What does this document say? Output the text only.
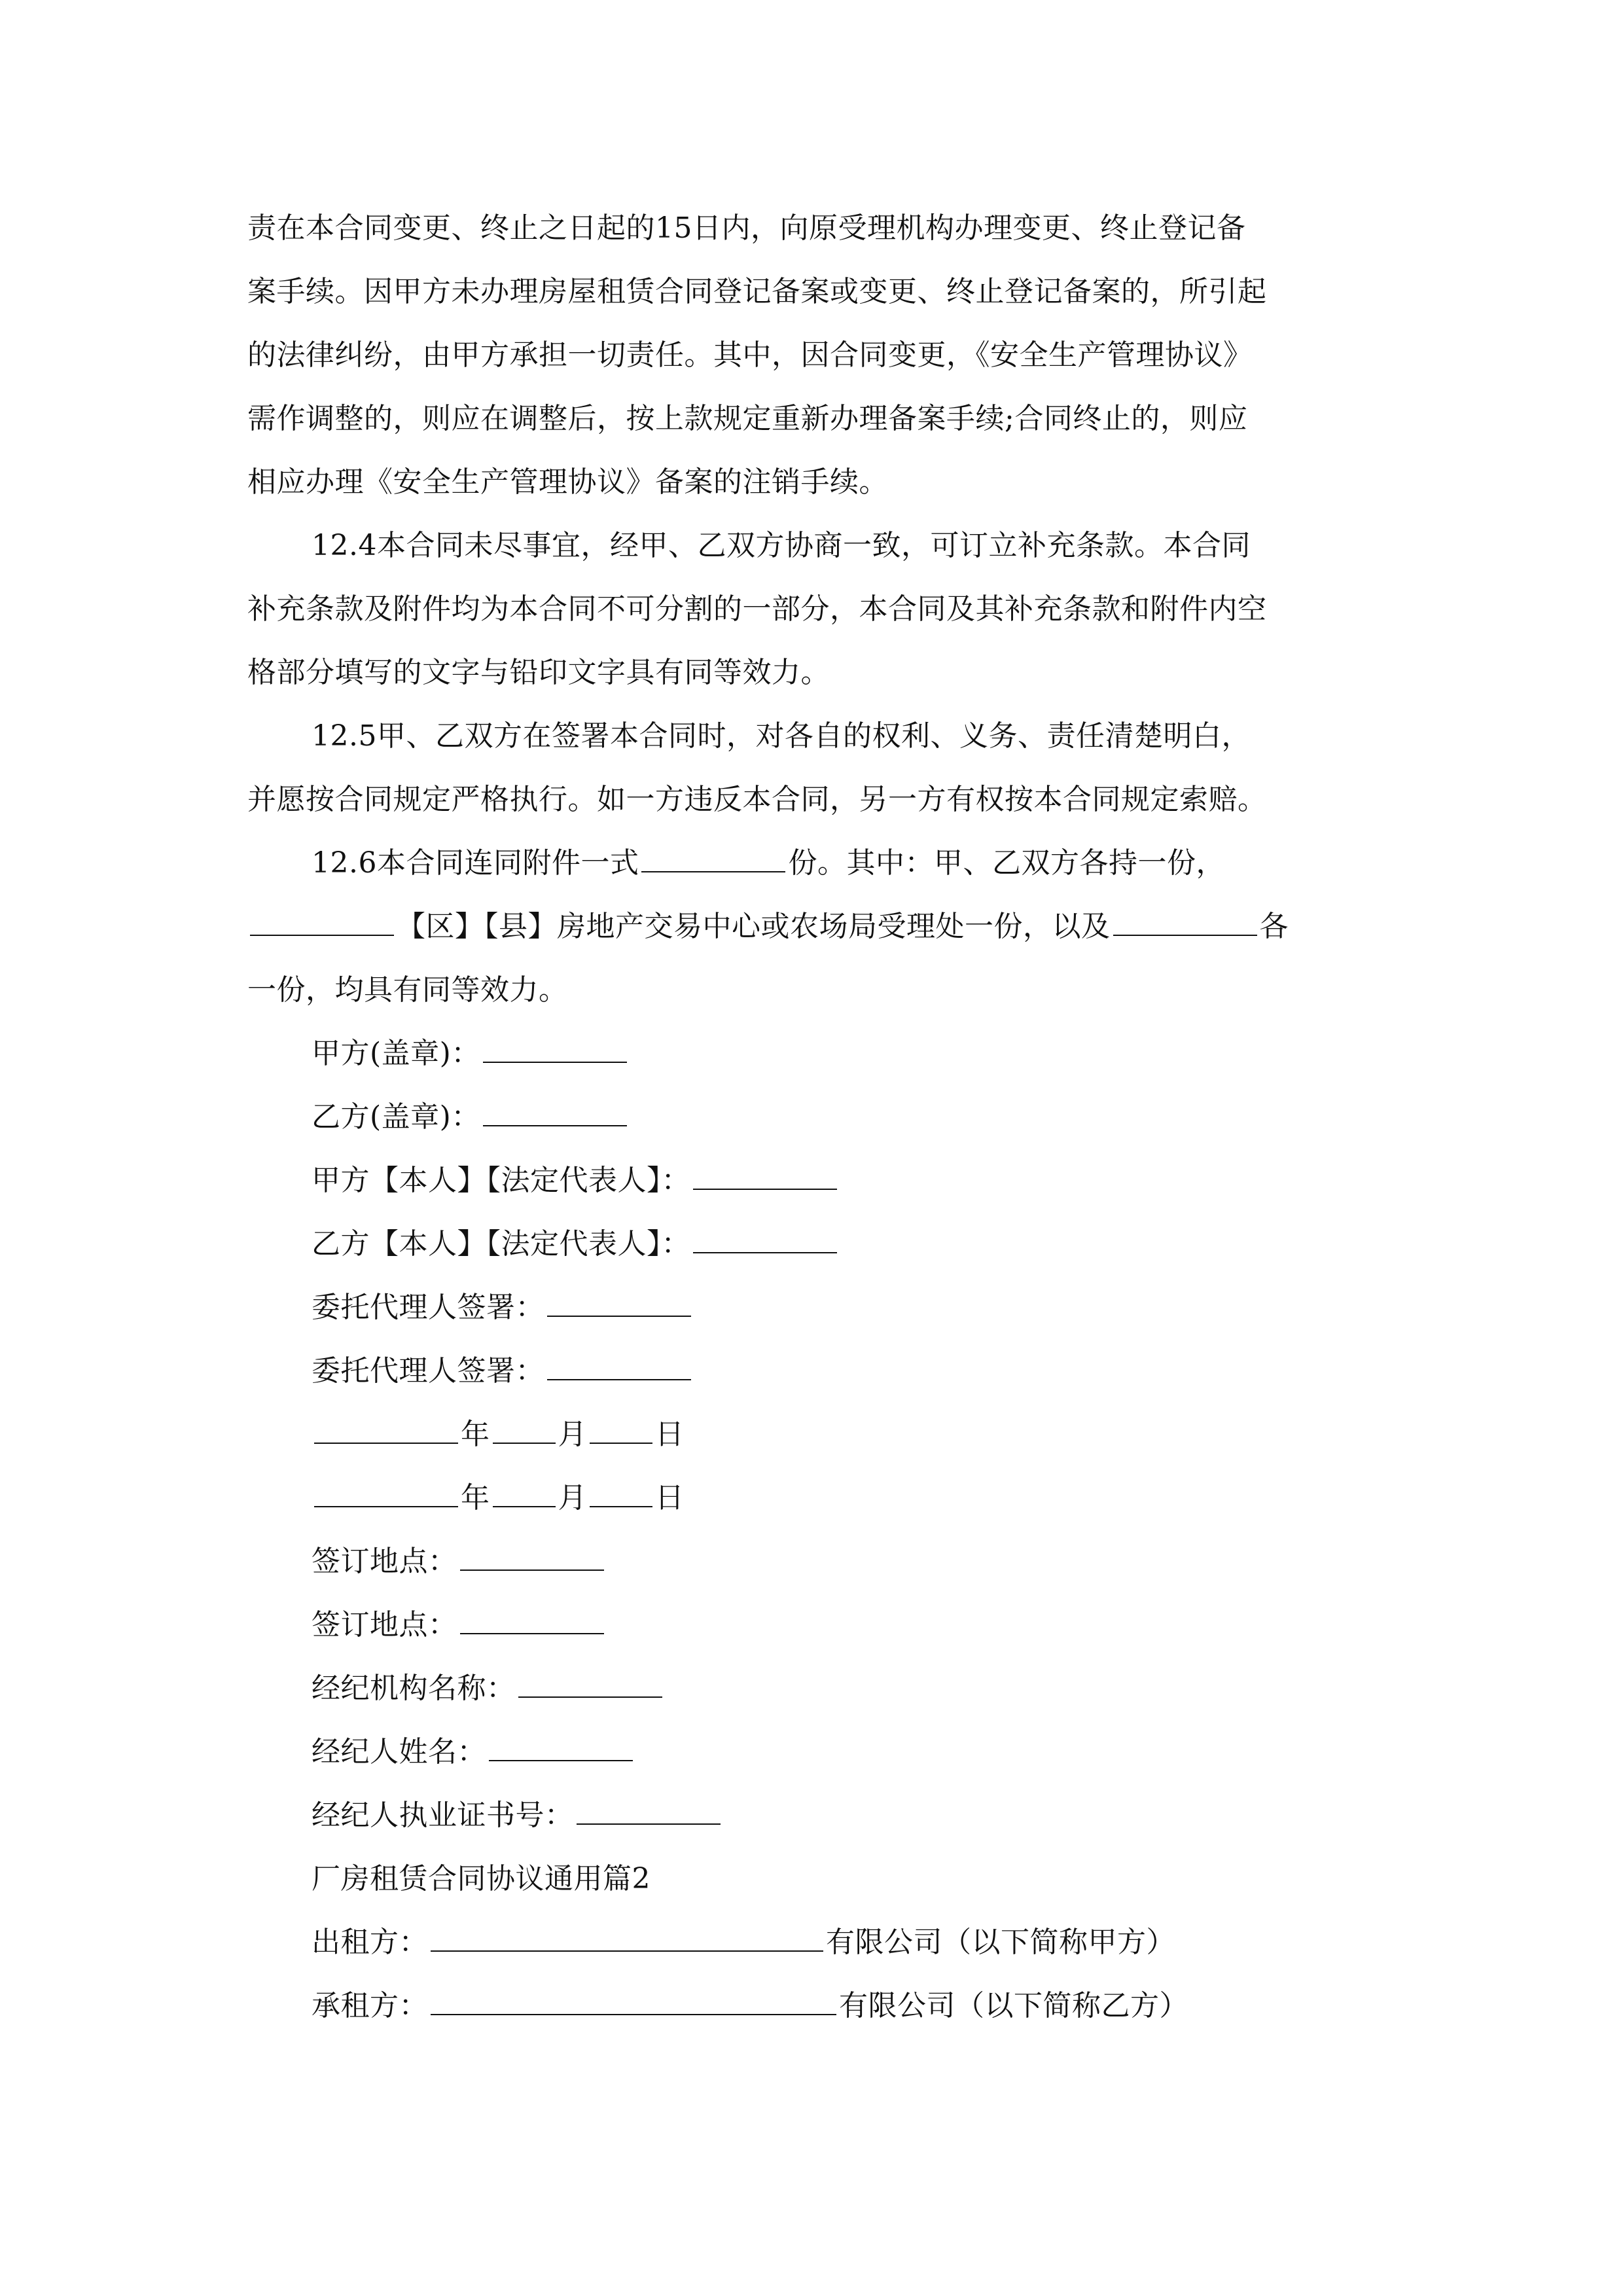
责在本合同变更、终止之日起的15日内，向原受理机构办理变更、终止登记备
案手续。因甲方未办理房屋租赁合同登记备案或变更、终止登记备案的，所引起
的法律纠纷，由甲方承担一切责任。其中，因合同变更，《安全生产管理协议》
需作调整的，则应在调整后，按上款规定重新办理备案手续;合同终止的，则应
相应办理《安全生产管理协议》备案的注销手续。
12.4本合同未尽事宜，经甲、乙双方协商一致，可订立补充条款。本合同
补充条款及附件均为本合同不可分割的一部分，本合同及其补充条款和附件内空
格部分填写的文字与铅印文字具有同等效力。
12.5甲、乙双方在签署本合同时，对各自的权利、义务、责任清楚明白，
并愿按合同规定严格执行。如一方违反本合同，另一方有权按本合同规定索赔。
12.6本合同连同附件一式	份。其中：甲、乙双方各持一份，
【区】【县】房地产交易中心或农场局受理处一份，以及	各
一份，均具有同等效力。
甲方(盖章)：
乙方(盖章)：
甲方【本人】【法定代表人】：
乙方【本人】【法定代表人】：
委托代理人签署：
委托代理人签署：
年 月 日
年 月 日
签订地点：
签订地点：
经纪机构名称：
经纪人姓名：
经纪人执业证书号：
厂房租赁合同协议通用篇2
出租方：	有限公司（以下简称甲方）
承租方：	有限公司（以下简称乙方）
